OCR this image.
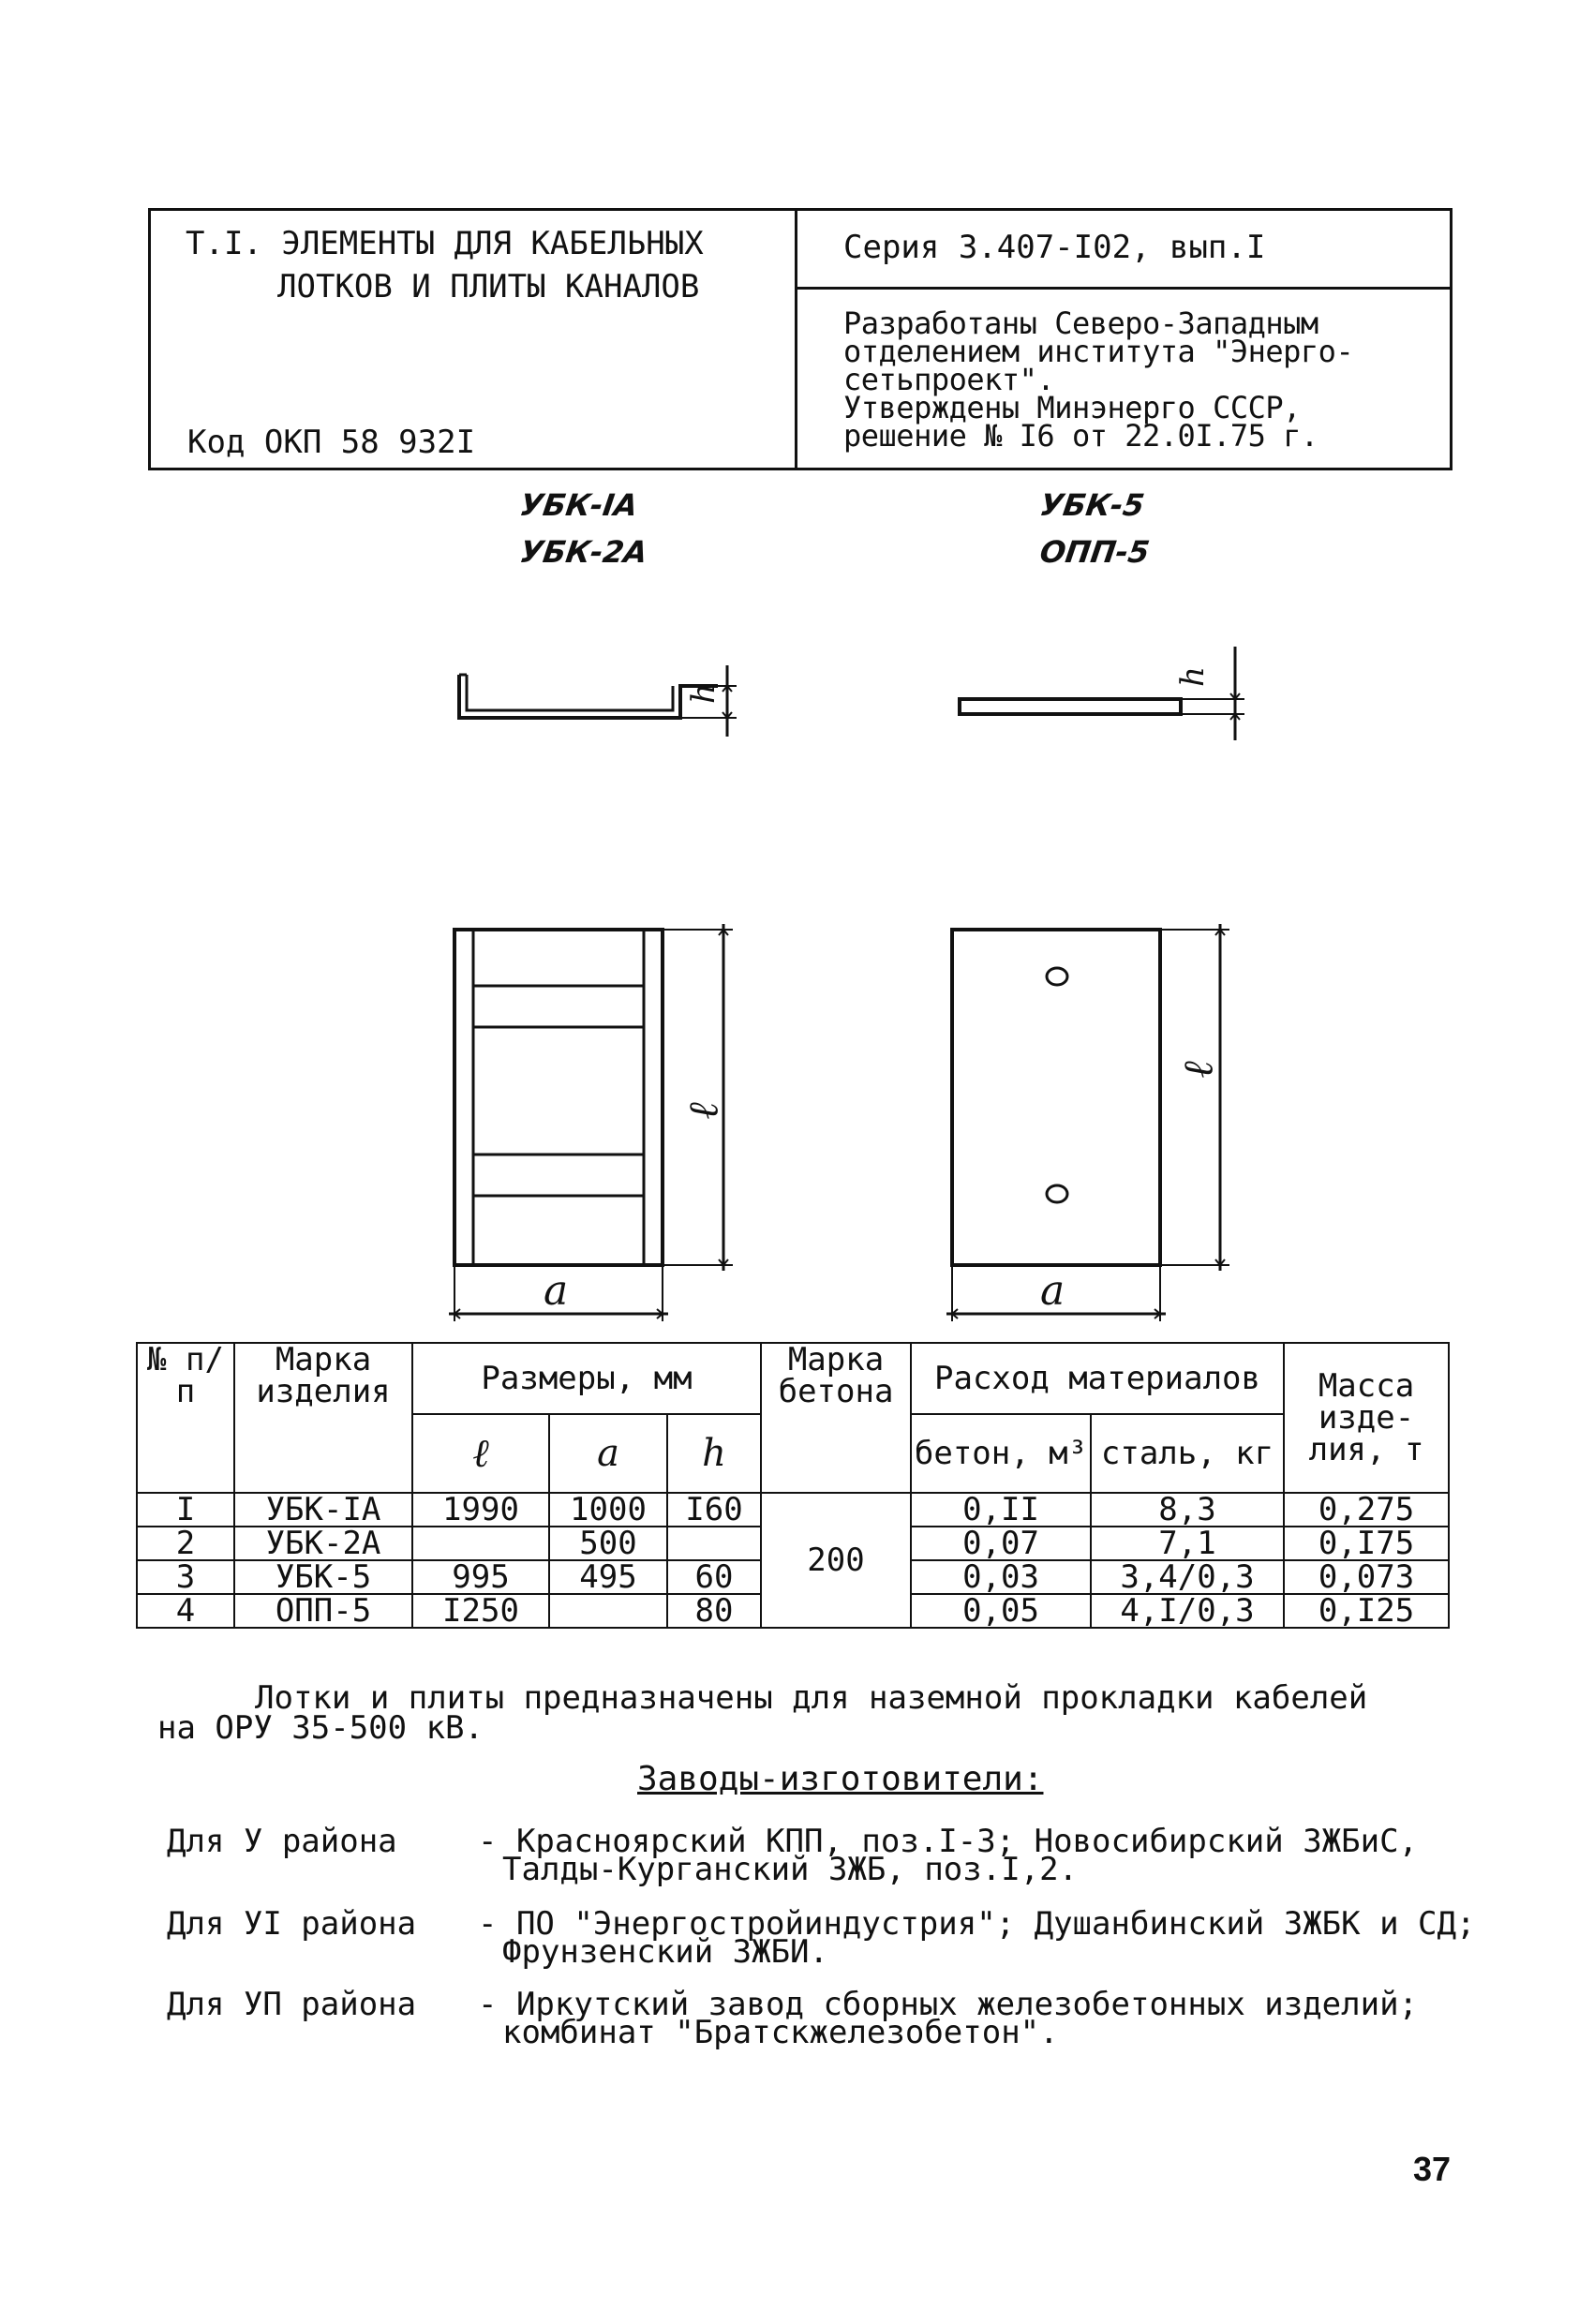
Т.I. ЭЛЕМЕНТЫ ДЛЯ КАБЕЛЬНЫХ
ЛОТКОВ И ПЛИТЫ КАНАЛОВ
Код ОКП 58 932I
Серия 3.407-I02, вып.I
Разработаны Северо-Западным
отделением института "Энерго-
сетьпроект".
Утверждены Минэнерго СССР,
решение № I6 от 22.0I.75 г.
УБК-IА
УБК-2А
УБК-5
ОПП-5
h
h
ℓ
a
ℓ
a
№ п/п	Марка изделия	Размеры, мм			Марка бетона	Расход материалов		Масса изде-лия, т
		ℓ	a	h		бетон, м³	сталь, кг	
I	УБК-IА	1990	1000	I60	200	0,II	8,3	0,275
2	УБК-2А		500			0,07	7,1	0,I75
3	УБК-5	995	495	60		0,03	3,4/0,3	0,073
4	ОПП-5	I250		80		0,05	4,I/0,3	0,I25
Лотки и плиты предназначены для наземной прокладки кабелей
на ОРУ 35-500 кВ.
Заводы-изготовители:
Для У района	- Красноярский КПП, поз.I-3; Новосибирский ЗЖБиС,
Талды-Курганский ЗЖБ, поз.I,2.
Для УI района - ПО "Энергостройиндустрия"; Душанбинский ЗЖБК и СД;
Фрунзенский ЗЖБИ.
Для УП района - Иркутский завод сборных железобетонных изделий;
комбинат "Братскжелезобетон".
37
